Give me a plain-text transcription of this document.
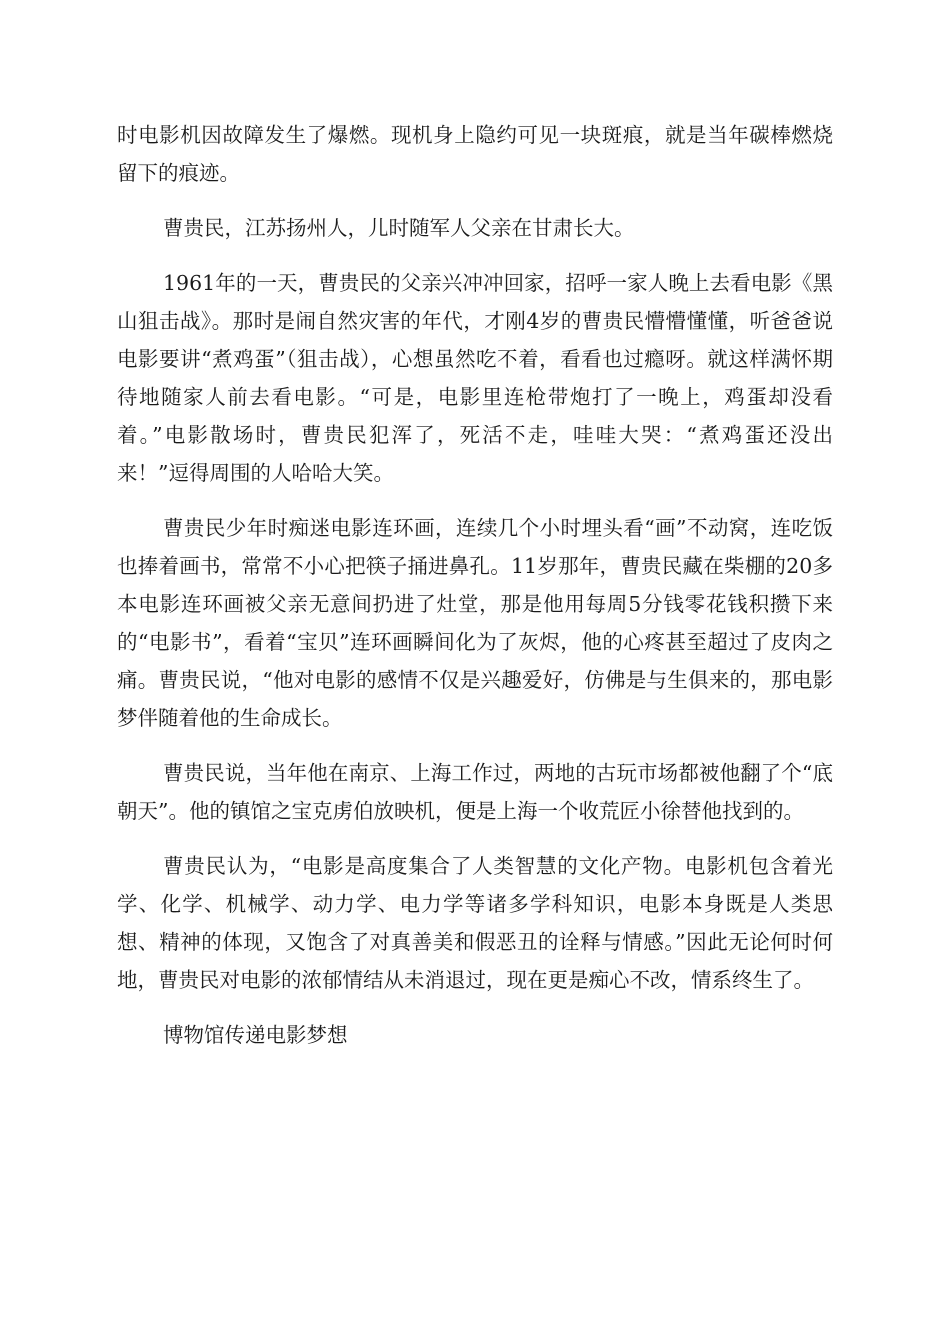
时电影机因故障发生了爆燃。现机身上隐约可见一块斑痕，就是当年碳棒燃烧留下的痕迹。

曹贵民，江苏扬州人，儿时随军人父亲在甘肃长大。

1961年的一天，曹贵民的父亲兴冲冲回家，招呼一家人晚上去看电影《黑山狙击战》。那时是闹自然灾害的年代，才刚4岁的曹贵民懵懵懂懂，听爸爸说电影要讲“煮鸡蛋”（狙击战），心想虽然吃不着，看看也过瘾呀。就这样满怀期待地随家人前去看电影。“可是，电影里连枪带炮打了一晚上，鸡蛋却没看着。”电影散场时，曹贵民犯浑了，死活不走，哇哇大哭：“煮鸡蛋还没出来！”逗得周围的人哈哈大笑。

曹贵民少年时痴迷电影连环画，连续几个小时埋头看“画”不动窝，连吃饭也捧着画书，常常不小心把筷子捅进鼻孔。11岁那年，曹贵民藏在柴棚的20多本电影连环画被父亲无意间扔进了灶堂，那是他用每周5分钱零花钱积攒下来的“电影书”，看着“宝贝”连环画瞬间化为了灰烬，他的心疼甚至超过了皮肉之痛。曹贵民说，“他对电影的感情不仅是兴趣爱好，仿佛是与生俱来的，那电影梦伴随着他的生命成长。

曹贵民说，当年他在南京、上海工作过，两地的古玩市场都被他翻了个“底朝天”。他的镇馆之宝克虏伯放映机，便是上海一个收荒匠小徐替他找到的。

曹贵民认为，“电影是高度集合了人类智慧的文化产物。电影机包含着光学、化学、机械学、动力学、电力学等诸多学科知识，电影本身既是人类思想、精神的体现，又饱含了对真善美和假恶丑的诠释与情感。”因此无论何时何地，曹贵民对电影的浓郁情结从未消退过，现在更是痴心不改，情系终生了。

博物馆传递电影梦想
